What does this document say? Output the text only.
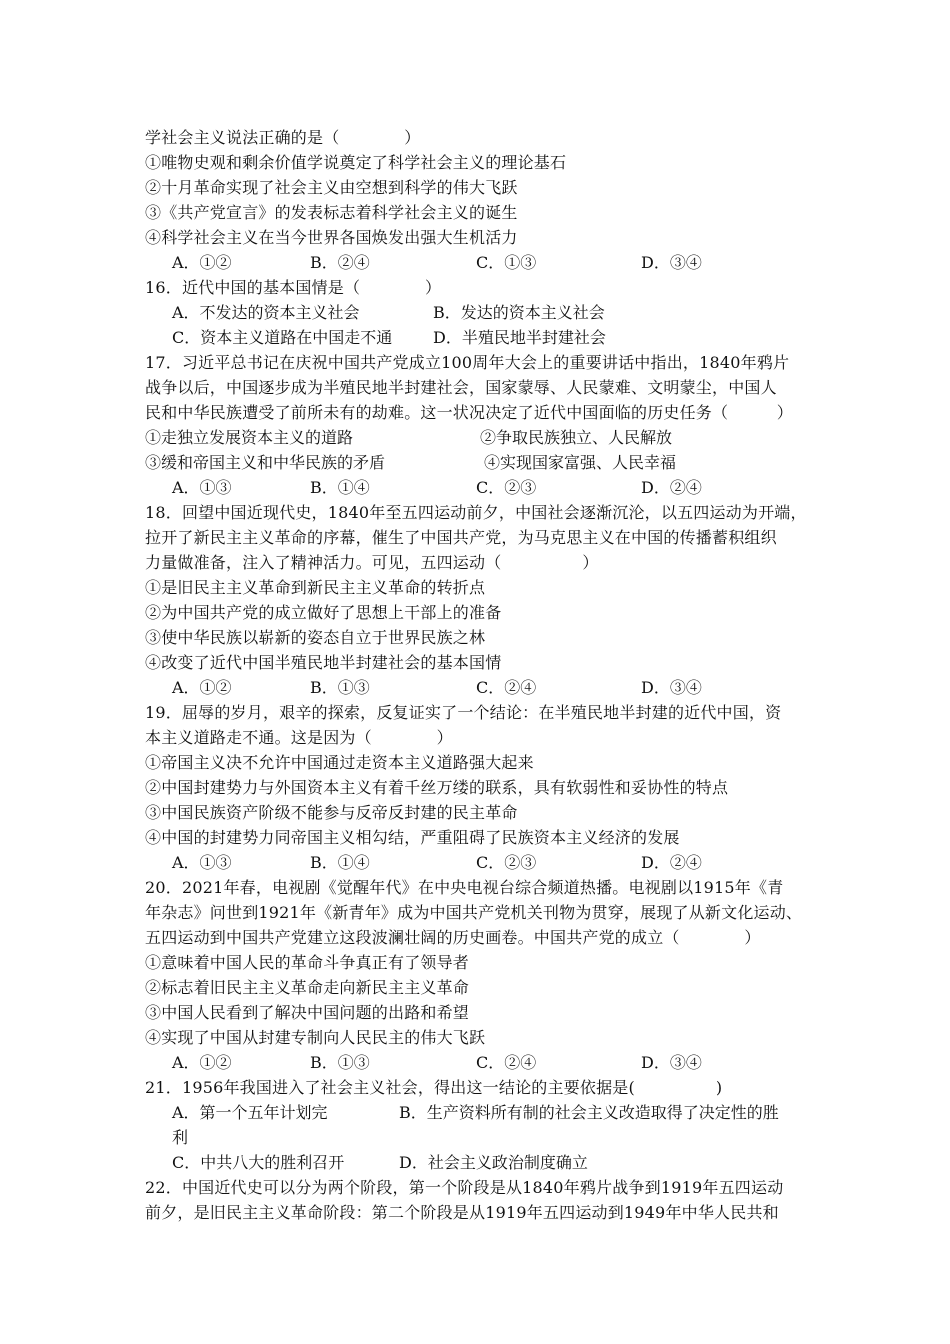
学社会主义说法正确的是（　　　　）
①唯物史观和剩余价值学说奠定了科学社会主义的理论基石
②十月革命实现了社会主义由空想到科学的伟大飞跃
③《共产党宣言》的发表标志着科学社会主义的诞生
④科学社会主义在当今世界各国焕发出强大生机活力
A．①②	B．②④	C．①③	D．③④
16．近代中国的基本国情是（　　　　）
A．不发达的资本主义社会	B．发达的资本主义社会
C．资本主义道路在中国走不通	D．半殖民地半封建社会
17．习近平总书记在庆祝中国共产党成立100周年大会上的重要讲话中指出，1840年鸦片
战争以后，中国逐步成为半殖民地半封建社会，国家蒙辱、人民蒙难、文明蒙尘，中国人
民和中华民族遭受了前所未有的劫难。这一状况决定了近代中国面临的历史任务（　　　）
①走独立发展资本主义的道路	②争取民族独立、人民解放
③缓和帝国主义和中华民族的矛盾	④实现国家富强、人民幸福
A．①③	B．①④	C．②③	D．②④
18．回望中国近现代史，1840年至五四运动前夕，中国社会逐渐沉沦，以五四运动为开端，
拉开了新民主主义革命的序幕，催生了中国共产党，为马克思主义在中国的传播蓄积组织
力量做准备，注入了精神活力。可见，五四运动（　　　　　）
①是旧民主主义革命到新民主主义革命的转折点
②为中国共产党的成立做好了思想上干部上的准备
③使中华民族以崭新的姿态自立于世界民族之林
④改变了近代中国半殖民地半封建社会的基本国情
A．①②	B．①③	C．②④	D．③④
19．屈辱的岁月，艰辛的探索，反复证实了一个结论：在半殖民地半封建的近代中国，资
本主义道路走不通。这是因为（　　　　）
①帝国主义决不允许中国通过走资本主义道路强大起来
②中国封建势力与外国资本主义有着千丝万缕的联系，具有软弱性和妥协性的特点
③中国民族资产阶级不能参与反帝反封建的民主革命
④中国的封建势力同帝国主义相勾结，严重阻碍了民族资本主义经济的发展
A．①③	B．①④	C．②③	D．②④
20．2021年春，电视剧《觉醒年代》在中央电视台综合频道热播。电视剧以1915年《青
年杂志》问世到1921年《新青年》成为中国共产党机关刊物为贯穿，展现了从新文化运动、
五四运动到中国共产党建立这段波澜壮阔的历史画卷。中国共产党的成立（　　　　）
①意味着中国人民的革命斗争真正有了领导者
②标志着旧民主主义革命走向新民主主义革命
③中国人民看到了解决中国问题的出路和希望
④实现了中国从封建专制向人民民主的伟大飞跃
A．①②	B．①③	C．②④	D．③④
21．1956年我国进入了社会主义社会，得出这一结论的主要依据是(　　　　　)
A．第一个五年计划完	B．生产资料所有制的社会主义改造取得了决定性的胜
利
C．中共八大的胜利召开	D．社会主义政治制度确立
22．中国近代史可以分为两个阶段，第一个阶段是从1840年鸦片战争到1919年五四运动
前夕，是旧民主主义革命阶段：第二个阶段是从1919年五四运动到1949年中华人民共和
